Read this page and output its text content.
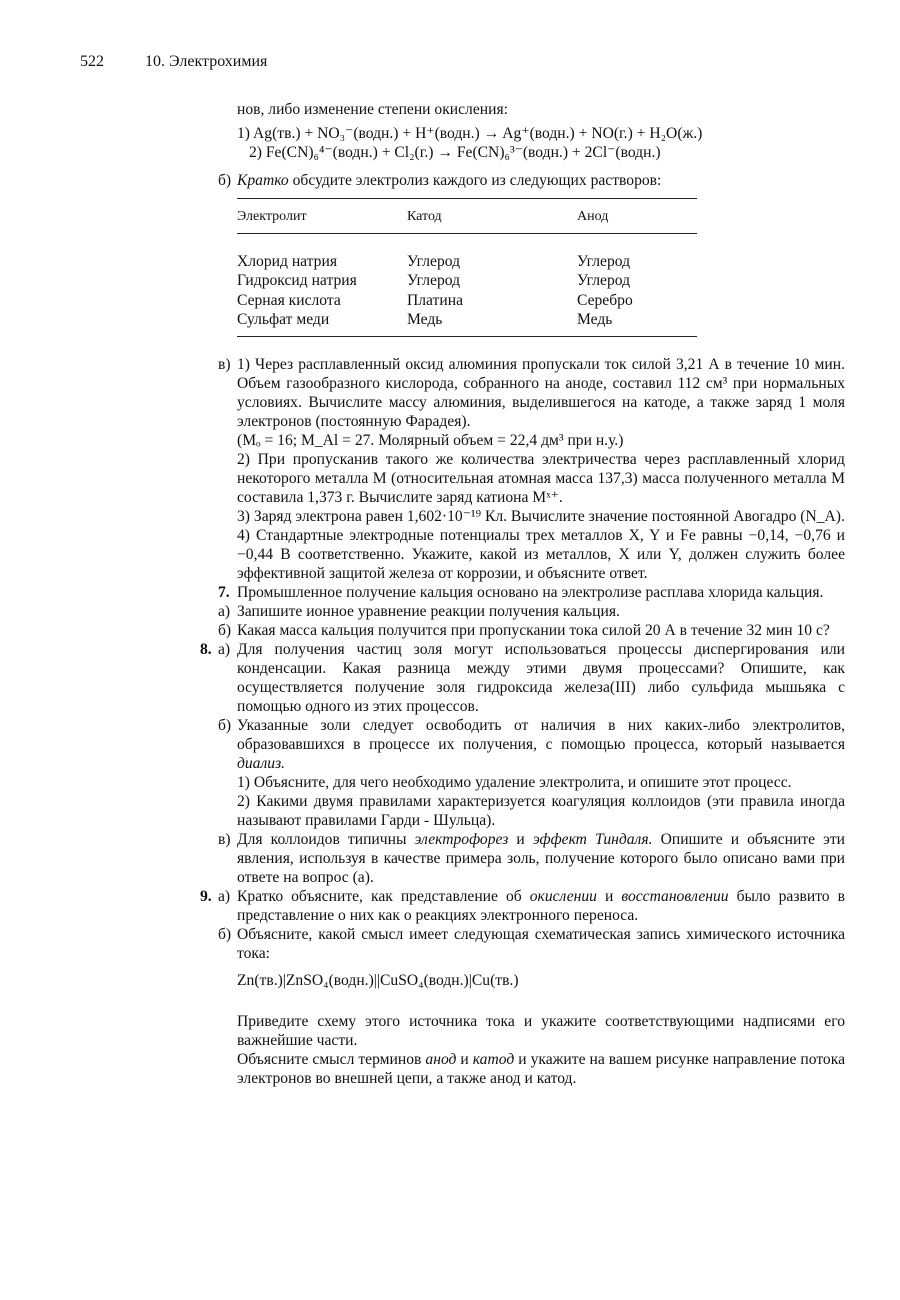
522	10. Электрохимия

нов, либо изменение степени окисления:

1) Ag(тв.) + NO₃⁻(водн.) + H⁺(водн.) → Ag⁺(водн.) + NO(г.) + H₂O(ж.)

2) Fe(CN)₆⁴⁻(водн.) + Cl₂(г.) → Fe(CN)₆³⁻(водн.) + 2Cl⁻(водн.)

б) Кратко обсудите электролиз каждого из следующих растворов:

Электролит	Катод	Анод

Хлорид натрия	Углерод	Углерод
Гидроксид натрия	Углерод	Углерод
Серная кислота	Платина	Серебро
Сульфат меди	Медь	Медь

в) 1) Через расплавленный оксид алюминия пропускали ток силой 3,21 А в течение 10 мин. Объем газообразного кислорода, собранного на аноде, составил 112 см³ при нормальных условиях. Вычислите массу алюминия, выделившегося на катоде, а также заряд 1 моля электронов (постоянную Фарадея).

(Mₒ = 16; M_Al = 27. Молярный объем = 22,4 дм³ при н.у.)

2) При пропусканив такого же количества электричества через расплавленный хлорид некоторого металла М (относительная атомная масса 137,3) масса полученного металла М составила 1,373 г. Вычислите заряд катиона Mˣ⁺.

3) Заряд электрона равен 1,602·10⁻¹⁹ Кл. Вычислите значение постоянной Авогадро (N_A).

4) Стандартные электродные потенциалы трех металлов X, Y и Fe равны −0,14, −0,76 и −0,44 В соответственно. Укажите, какой из металлов, X или Y, должен служить более эффективной защитой железа от коррозии, и объясните ответ.

7. Промышленное получение кальция основано на электролизе расплава хлорида кальция.

а) Запишите ионное уравнение реакции получения кальция.

б) Какая масса кальция получится при пропускании тока силой 20 А в течение 32 мин 10 с?

8. а) Для получения частиц золя могут использоваться процессы диспергирования или конденсации. Какая разница между этими двумя процессами? Опишите, как осуществляется получение золя гидроксида железа(III) либо сульфида мышьяка с помощью одного из этих процессов.

б) Указанные золи следует освободить от наличия в них каких-либо электролитов, образовавшихся в процессе их получения, с помощью процесса, который называется диализ.

1) Объясните, для чего необходимо удаление электролита, и опишите этот процесс.

2) Какими двумя правилами характеризуется коагуляция коллоидов (эти правила иногда называют правилами Гарди - Шульца).

в) Для коллоидов типичны электрофорез и эффект Тиндаля. Опишите и объясните эти явления, используя в качестве примера золь, получение которого было описано вами при ответе на вопрос (а).

9. а) Кратко объясните, как представление об окислении и восстановлении было развито в представление о них как о реакциях электронного переноса.

б) Объясните, какой смысл имеет следующая схематическая запись химического источника тока:

Zn(тв.)|ZnSO₄(водн.)||CuSO₄(водн.)|Cu(тв.)

Приведите схему этого источника тока и укажите соответствующими надписями его важнейшие части.

Объясните смысл терминов анод и катод и укажите на вашем рисунке направление потока электронов во внешней цепи, а также анод и катод.
